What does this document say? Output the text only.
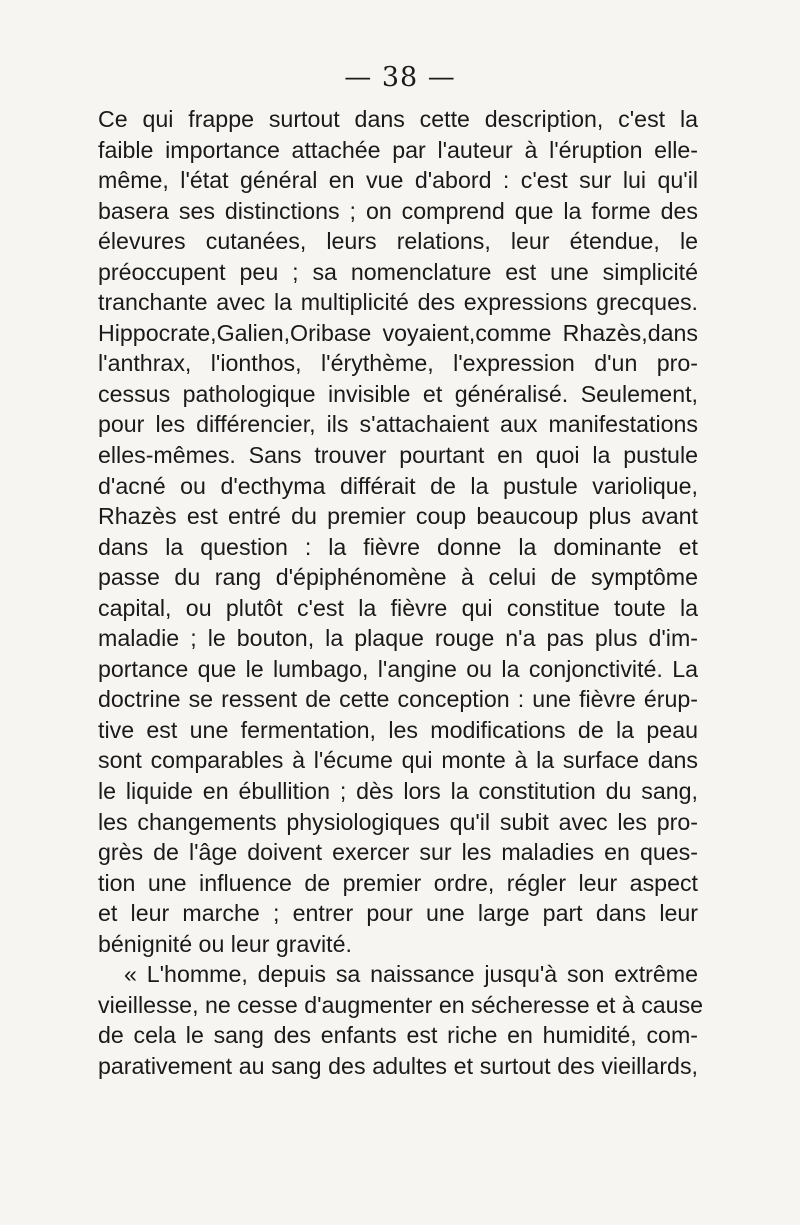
— 38 —
Ce qui frappe surtout dans cette description, c'est la
faible importance attachée par l'auteur à l'éruption elle-
même, l'état général en vue d'abord : c'est sur lui qu'il
basera ses distinctions ; on comprend que la forme des
élevures cutanées, leurs relations, leur étendue, le
préoccupent peu ; sa nomenclature est une simplicité
tranchante avec la multiplicité des expressions grecques.
Hippocrate,Galien,Oribase voyaient,comme Rhazès,dans
l'anthrax, l'ionthos, l'érythème, l'expression d'un pro-
cessus pathologique invisible et généralisé. Seulement,
pour les différencier, ils s'attachaient aux manifestations
elles-mêmes. Sans trouver pourtant en quoi la pustule
d'acné ou d'ecthyma différait de la pustule variolique,
Rhazès est entré du premier coup beaucoup plus avant
dans la question : la fièvre donne la dominante et
passe du rang d'épiphénomène à celui de symptôme
capital, ou plutôt c'est la fièvre qui constitue toute la
maladie ; le bouton, la plaque rouge n'a pas plus d'im-
portance que le lumbago, l'angine ou la conjonctivité. La
doctrine se ressent de cette conception : une fièvre érup-
tive est une fermentation, les modifications de la peau
sont comparables à l'écume qui monte à la surface dans
le liquide en ébullition ; dès lors la constitution du sang,
les changements physiologiques qu'il subit avec les pro-
grès de l'âge doivent exercer sur les maladies en ques-
tion une influence de premier ordre, régler leur aspect
et leur marche ; entrer pour une large part dans leur
bénignité ou leur gravité.
« L'homme, depuis sa naissance jusqu'à son extrême
vieillesse, ne cesse d'augmenter en sécheresse et à cause
de cela le sang des enfants est riche en humidité, com-
parativement au sang des adultes et surtout des vieillards,
